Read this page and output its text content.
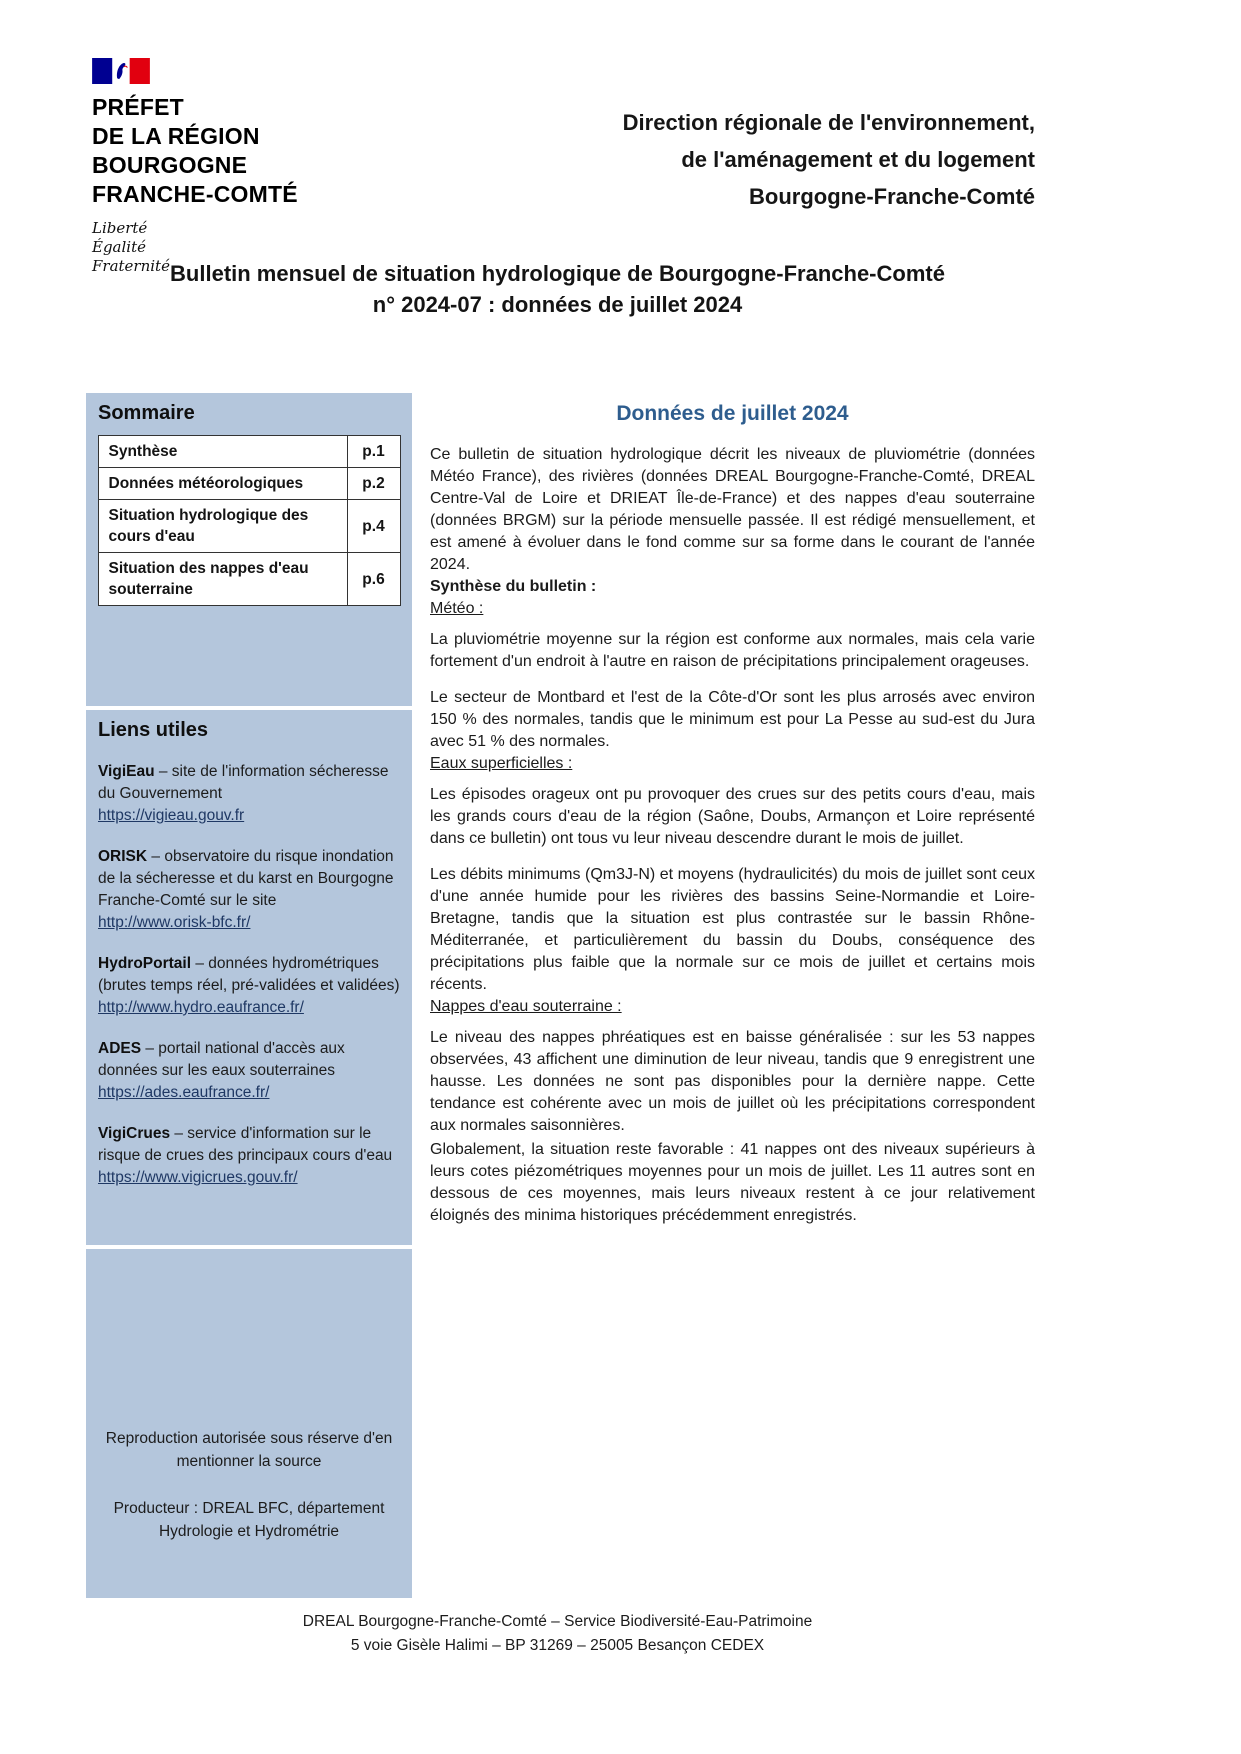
PRÉFET
DE LA RÉGION
BOURGOGNE
FRANCHE-COMTÉ
Liberté
Égalité
Fraternité
Direction régionale de l'environnement,
de l'aménagement et du logement
Bourgogne-Franche-Comté
Bulletin mensuel de situation hydrologique de Bourgogne-Franche-Comté
n° 2024-07 : données de juillet 2024
Sommaire
Synthèse	p.1
Données météorologiques	p.2
Situation hydrologique des cours d'eau	p.4
Situation des nappes d'eau souterraine	p.6
Liens utiles

VigiEau – site de l'information sécheresse du Gouvernement
https://vigieau.gouv.fr

ORISK – observatoire du risque inondation de la sécheresse et du karst en Bourgogne Franche-Comté sur le site
http://www.orisk-bfc.fr/

HydroPortail – données hydrométriques (brutes temps réel, pré-validées et validées)
http://www.hydro.eaufrance.fr/

ADES – portail national d'accès aux données sur les eaux souterraines
https://ades.eaufrance.fr/

VigiCrues – service d'information sur le risque de crues des principaux cours d'eau
https://www.vigicrues.gouv.fr/

Reproduction autorisée sous réserve d'en mentionner la source
Producteur : DREAL BFC, département Hydrologie et Hydrométrie
Données de juillet 2024

Ce bulletin de situation hydrologique décrit les niveaux de pluviométrie (données Météo France), des rivières (données DREAL Bourgogne-Franche-Comté, DREAL Centre-Val de Loire et DRIEAT Île-de-France) et des nappes d'eau souterraine (données BRGM) sur la période mensuelle passée. Il est rédigé mensuellement, et est amené à évoluer dans le fond comme sur sa forme dans le courant de l'année 2024.

Synthèse du bulletin :

Météo :

La pluviométrie moyenne sur la région est conforme aux normales, mais cela varie fortement d'un endroit à l'autre en raison de précipitations principalement orageuses.

Le secteur de Montbard et l'est de la Côte-d'Or sont les plus arrosés avec environ 150 % des normales, tandis que le minimum est pour La Pesse au sud-est du Jura avec 51 % des normales.

Eaux superficielles :

Les épisodes orageux ont pu provoquer des crues sur des petits cours d'eau, mais les grands cours d'eau de la région (Saône, Doubs, Armançon et Loire représenté dans ce bulletin) ont tous vu leur niveau descendre durant le mois de juillet.

Les débits minimums (Qm3J-N) et moyens (hydraulicités) du mois de juillet sont ceux d'une année humide pour les rivières des bassins Seine-Normandie et Loire-Bretagne, tandis que la situation est plus contrastée sur le bassin Rhône-Méditerranée, et particulièrement du bassin du Doubs, conséquence des précipitations plus faible que la normale sur ce mois de juillet et certains mois récents.

Nappes d'eau souterraine :

Le niveau des nappes phréatiques est en baisse généralisée : sur les 53 nappes observées, 43 affichent une diminution de leur niveau, tandis que 9 enregistrent une hausse. Les données ne sont pas disponibles pour la dernière nappe. Cette tendance est cohérente avec un mois de juillet où les précipitations correspondent aux normales saisonnières.

Globalement, la situation reste favorable : 41 nappes ont des niveaux supérieurs à leurs cotes piézométriques moyennes pour un mois de juillet. Les 11 autres sont en dessous de ces moyennes, mais leurs niveaux restent à ce jour relativement éloignés des minima historiques précédemment enregistrés.

DREAL Bourgogne-Franche-Comté – Service Biodiversité-Eau-Patrimoine
5 voie Gisèle Halimi – BP 31269 – 25005 Besançon CEDEX
